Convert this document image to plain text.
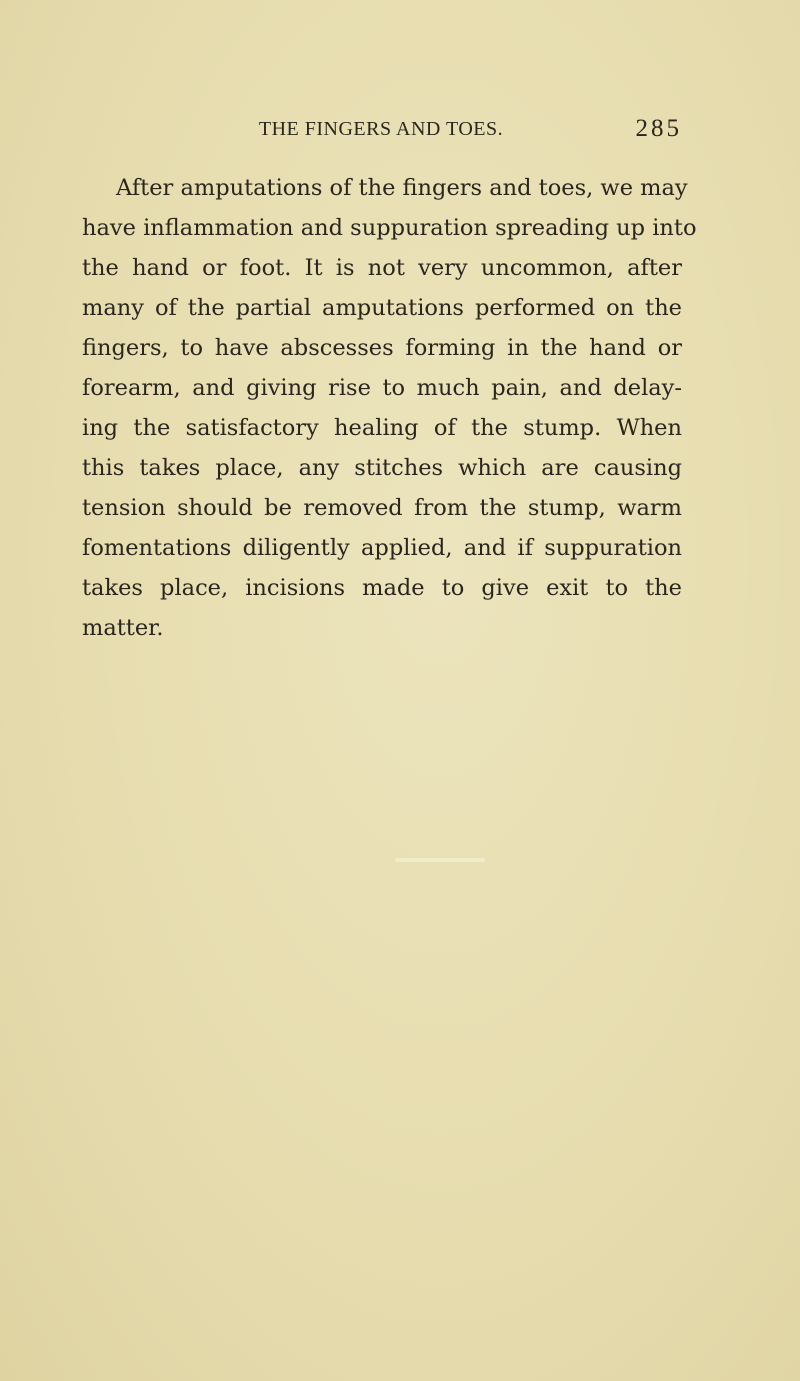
THE FINGERS AND TOES.	285
After amputations of the fingers and toes, we may
have inflammation and suppuration spreading up into
the hand or foot. It is not very uncommon, after
many of the partial amputations performed on the
fingers, to have abscesses forming in the hand or
forearm, and giving rise to much pain, and delay-
ing the satisfactory healing of the stump. When
this takes place, any stitches which are causing
tension should be removed from the stump, warm
fomentations diligently applied, and if suppuration
takes place, incisions made to give exit to the
matter.
